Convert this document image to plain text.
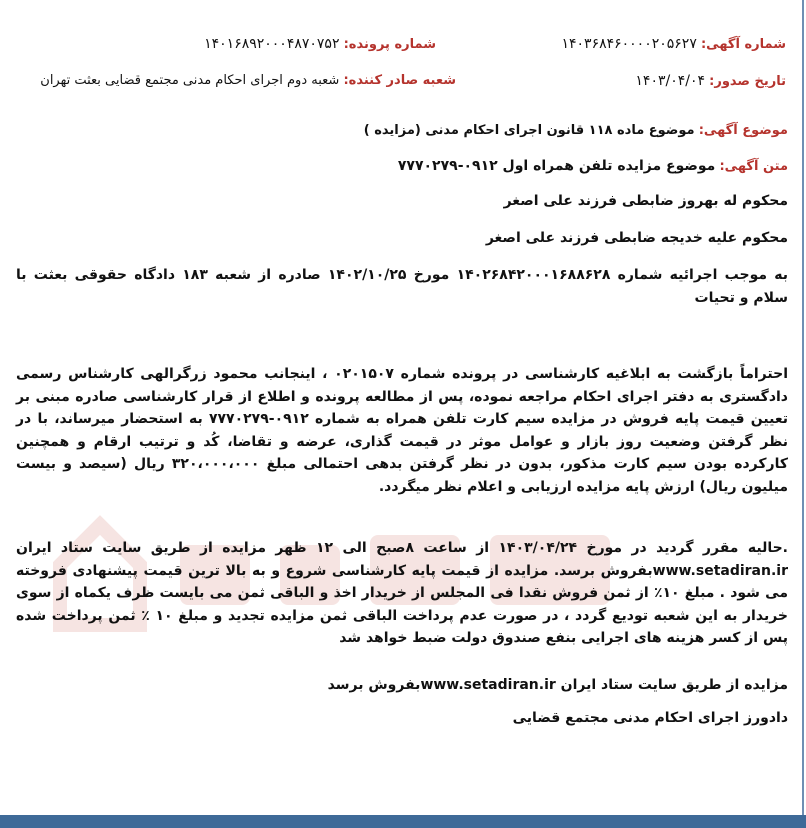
شماره آگهی: ۱۴۰۳۶۸۴۶۰۰۰۰۲۰۵۶۲۷
شماره پرونده: ۱۴۰۱۶۸۹۲۰۰۰۴۸۷۰۷۵۲
تاریخ صدور: ۱۴۰۳/۰۴/۰۴
شعبه صادر کننده: شعبه دوم اجرای احکام مدنی مجتمع قضایی بعثت تهران
موضوع آگهی: موضوع ماده ۱۱۸ قانون اجرای احکام مدنی (مزایده )
متن آگهی: موضوع مزایده تلفن همراه اول ۰۹۱۲-۷۷۷۰۲۷۹
محکوم له بهروز ضابطی فرزند علی اصغر
محکوم علیه خدیجه ضابطی فرزند علی اصغر
به موجب اجرائیه شماره ۱۴۰۲۶۸۴۲۰۰۰۱۶۸۸۶۲۸ مورخ ۱۴۰۲/۱۰/۲۵ صادره از شعبه ۱۸۳ دادگاه حقوقی بعثت با سلام و تحیات
احتراماً بازگشت به ابلاغیه کارشناسی در پرونده شماره ۰۲۰۱۵۰۷ ، اینجانب محمود زرگرالهی کارشناس رسمی دادگستری به دفتر اجرای احکام مراجعه نموده، پس از مطالعه پرونده و اطلاع از قرار کارشناسی صادره مبنی بر تعیین قیمت پایه فروش در مزایده سیم کارت تلفن همراه به شماره ۰۹۱۲-۷۷۷۰۲۷۹ به استحضار میرساند، با در نظر گرفتن وضعیت روز بازار و عوامل موثر در قیمت گذاری، عرضه و تقاضا، کُد و ترتیب ارقام و همچنین کارکرده بودن سیم کارت مذکور، بدون در نظر گرفتن بدهی احتمالی مبلغ ۳۲۰،۰۰۰،۰۰۰ ریال (سیصد و بیست میلیون ریال) ارزش پایه مزایده ارزیابی و اعلام نظر میگردد.
.حالیه مقرر گردید در مورخ ۱۴۰۳/۰۴/۲۴ از ساعت ۸صبح الی ۱۲ ظهر مزایده از طریق سایت ستاد ایران www.setadiran.irبفروش برسد. مزایده از قیمت پایه کارشناسی شروع و به بالا ترین قیمت پیشنهادی فروخته می شود . مبلغ ۱۰٪ از ثمن فروش نقدا فی المجلس از خریدار اخذ و الباقی ثمن می بایست ظرف یکماه از سوی خریدار به این شعبه تودیع گردد ، در صورت عدم پرداخت الباقی ثمن مزایده تجدید و مبلغ ۱۰ ٪ ثمن پرداخت شده پس از کسر هزینه های اجرایی بنفع صندوق دولت ضبط خواهد شد
مزایده از طریق سایت ستاد ایران www.setadiran.irبفروش برسد
دادورز اجرای احکام مدنی مجتمع قضایی
